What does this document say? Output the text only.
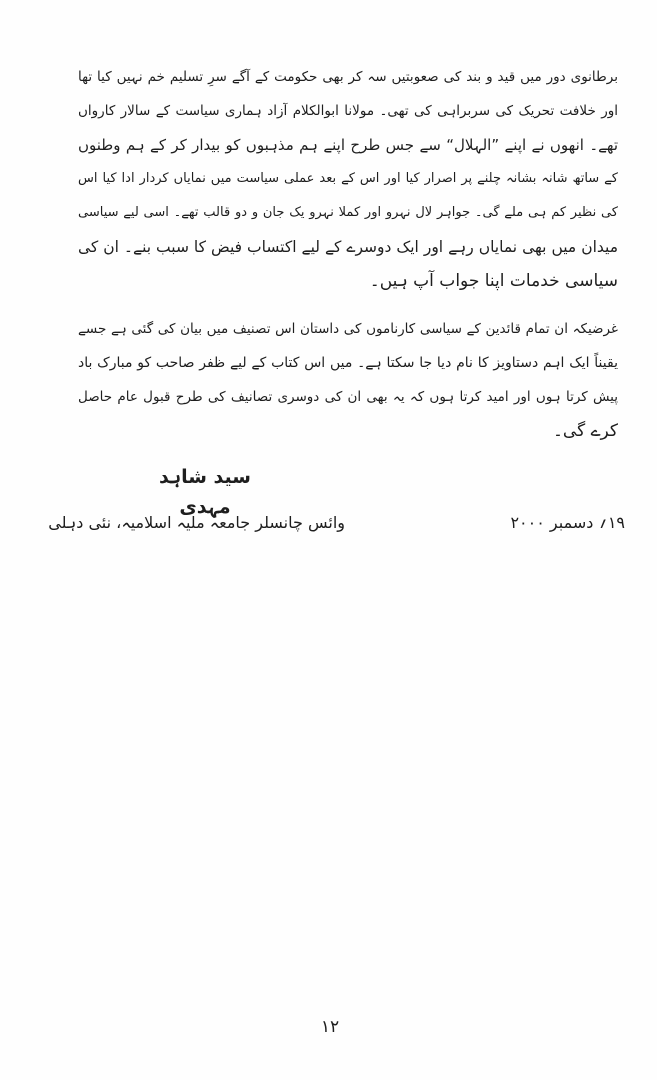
برطانوی دور میں قید و بند کی صعوبتیں سہ کر بھی حکومت کے آگے سرِ تسلیم خم نہیں کیا تھا
اور خلافت تحریک کی سربراہی کی تھی۔ مولانا ابوالکلام آزاد ہماری سیاست کے سالار کارواں
تھے۔ انھوں نے اپنے ”الہلال“ سے جس طرح اپنے ہم مذہبوں کو بیدار کر کے ہم وطنوں
کے ساتھ شانہ بشانہ چلنے پر اصرار کیا اور اس کے بعد عملی سیاست میں نمایاں کردار ادا کیا اس
کی نظیر کم ہی ملے گی۔ جواہر لال نہرو اور کملا نہرو یک جان و دو قالب تھے۔ اسی لیے سیاسی
میدان میں بھی نمایاں رہے اور ایک دوسرے کے لیے اکتساب فیض کا سبب بنے۔ ان کی
سیاسی خدمات اپنا جواب آپ ہیں۔
غرضیکہ ان تمام قائدین کے سیاسی کارناموں کی داستان اس تصنیف میں بیان کی گئی ہے جسے
یقیناً ایک اہم دستاویز کا نام دیا جا سکتا ہے۔ میں اس کتاب کے لیے ظفر صاحب کو مبارک باد
پیش کرتا ہوں اور امید کرتا ہوں کہ یہ بھی ان کی دوسری تصانیف کی طرح قبول عام حاصل
کرے گی۔
سید شاہد مہدی
وائس چانسلر جامعہ ملیہ اسلامیہ، نئی دہلی	۱۹؍ دسمبر ۲۰۰۰
۱۲
